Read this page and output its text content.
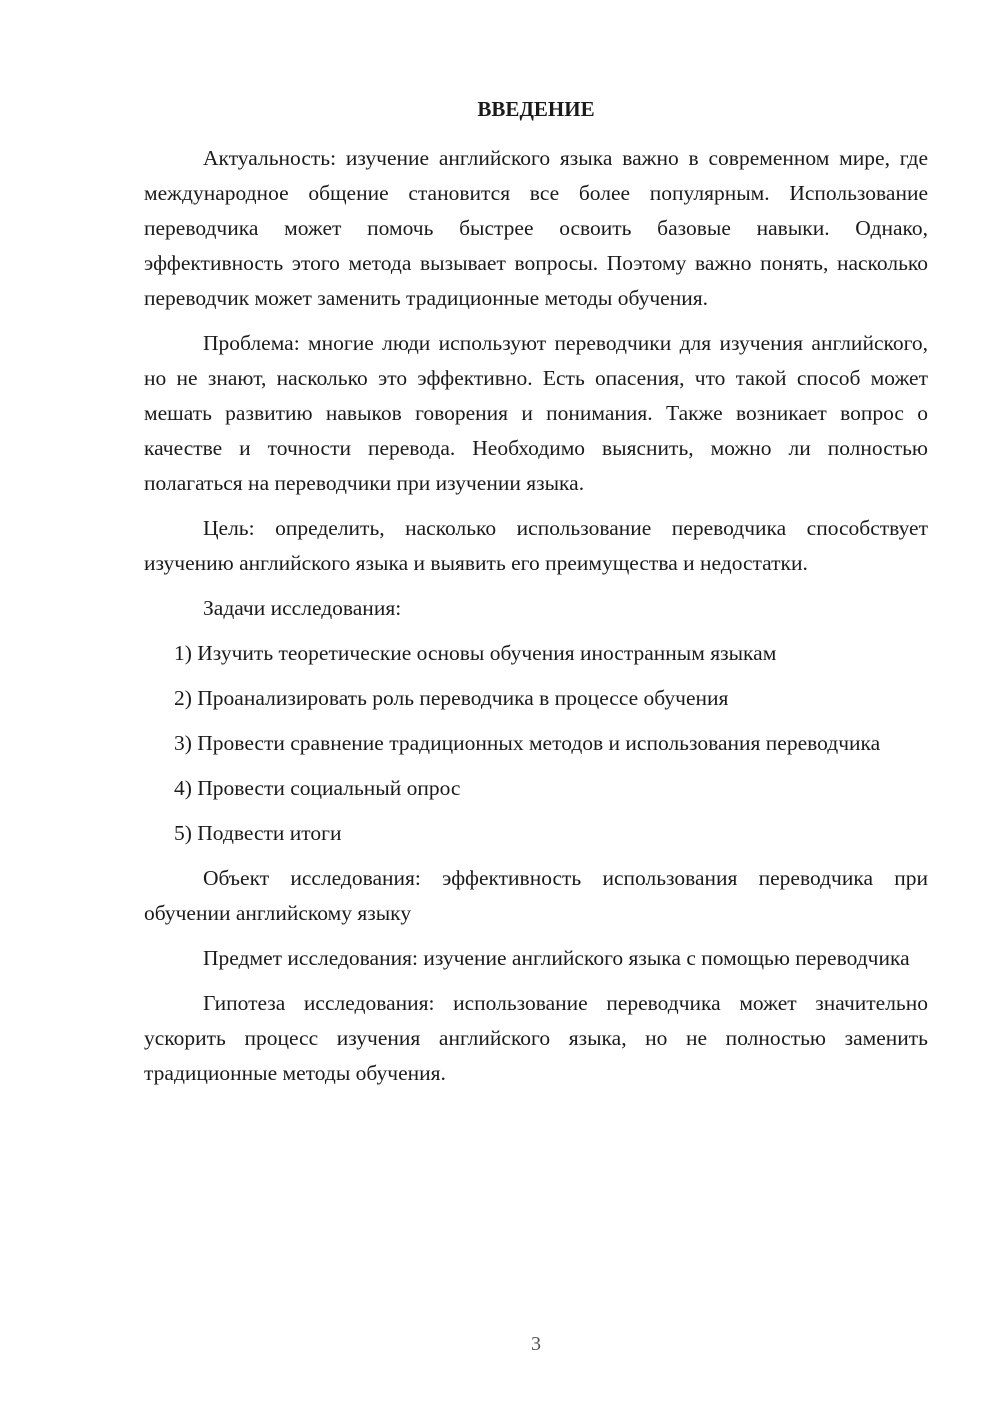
ВВЕДЕНИЕ

Актуальность: изучение английского языка важно в современном мире, где международное общение становится все более популярным. Использование переводчика может помочь быстрее освоить базовые навыки. Однако, эффективность этого метода вызывает вопросы. Поэтому важно понять, насколько переводчик может заменить традиционные методы обучения.

Проблема: многие люди используют переводчики для изучения английского, но не знают, насколько это эффективно. Есть опасения, что такой способ может мешать развитию навыков говорения и понимания. Также возникает вопрос о качестве и точности перевода. Необходимо выяснить, можно ли полностью полагаться на переводчики при изучении языка.

Цель: определить, насколько использование переводчика способствует изучению английского языка и выявить его преимущества и недостатки.

Задачи исследования:

1) Изучить теоретические основы обучения иностранным языкам

2) Проанализировать роль переводчика в процессе обучения

3) Провести сравнение традиционных методов и использования переводчика

4) Провести социальный опрос

5) Подвести итоги

Объект исследования: эффективность использования переводчика при обучении английскому языку

Предмет исследования: изучение английского языка с помощью переводчика

Гипотеза исследования: использование переводчика может значительно ускорить процесс изучения английского языка, но не полностью заменить традиционные методы обучения.

3
